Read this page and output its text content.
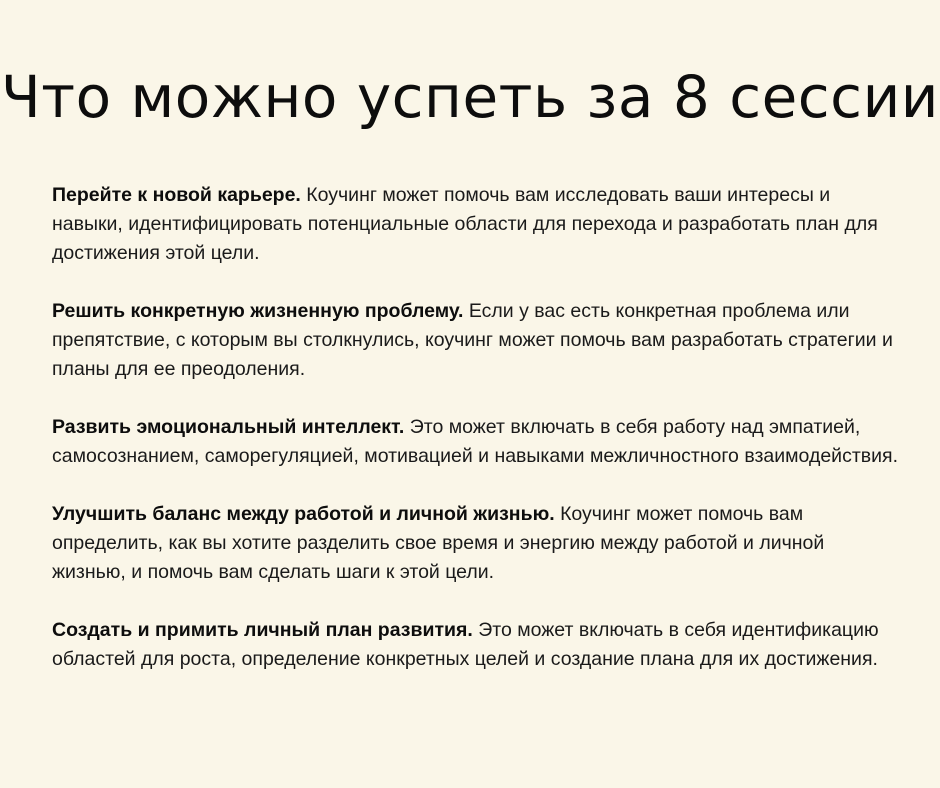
Что можно успеть за 8 сессии

Перейте к новой карьере. Коучинг может помочь вам исследовать ваши интересы и навыки, идентифицировать потенциальные области для перехода и разработать план для достижения этой цели.

Решить конкретную жизненную проблему. Если у вас есть конкретная проблема или препятствие, с которым вы столкнулись, коучинг может помочь вам разработать стратегии и планы для ее преодоления.

Развить эмоциональный интеллект. Это может включать в себя работу над эмпатией, самосознанием, саморегуляцией, мотивацией и навыками межличностного взаимодействия.

Улучшить баланс между работой и личной жизнью. Коучинг может помочь вам определить, как вы хотите разделить свое время и энергию между работой и личной жизнью, и помочь вам сделать шаги к этой цели.

Создать и примить личный план развития. Это может включать в себя идентификацию областей для роста, определение конкретных целей и создание плана для их достижения.
